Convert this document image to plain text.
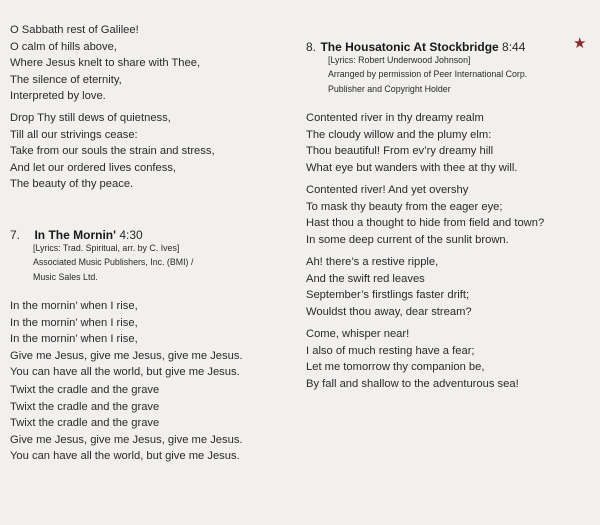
O Sabbath rest of Galilee!
O calm of hills above,
Where Jesus knelt to share with Thee,
The silence of eternity,
Interpreted by love.
Drop Thy still dews of quietness,
Till all our strivings cease:
Take from our souls the strain and stress,
And let our ordered lives confess,
The beauty of thy peace.
7. In The Mornin' 4:30
[Lyrics: Trad. Spiritual, arr. by C. Ives]
Associated Music Publishers, Inc. (BMI) /
Music Sales Ltd.
In the mornin’ when I rise,
In the mornin’ when I rise,
In the mornin’ when I rise,
Give me Jesus, give me Jesus, give me Jesus.
You can have all the world, but give me Jesus.
Twixt the cradle and the grave
Twixt the cradle and the grave
Twixt the cradle and the grave
Give me Jesus, give me Jesus, give me Jesus.
You can have all the world, but give me Jesus.
8. The Housatonic At Stockbridge 8:44
[Lyrics: Robert Underwood Johnson]
Arranged by permission of Peer International Corp.
Publisher and Copyright Holder
Contented river in thy dreamy realm
The cloudy willow and the plumy elm:
Thou beautiful! From ev’ry dreamy hill
What eye but wanders with thee at thy will.
Contented river! And yet overshy
To mask thy beauty from the eager eye;
Hast thou a thought to hide from field and town?
In some deep current of the sunlit brown.
Ah! there’s a restive ripple,
And the swift red leaves
September’s firstlings faster drift;
Wouldst thou away, dear stream?
Come, whisper near!
I also of much resting have a fear;
Let me tomorrow thy companion be,
By fall and shallow to the adventurous sea!
★
